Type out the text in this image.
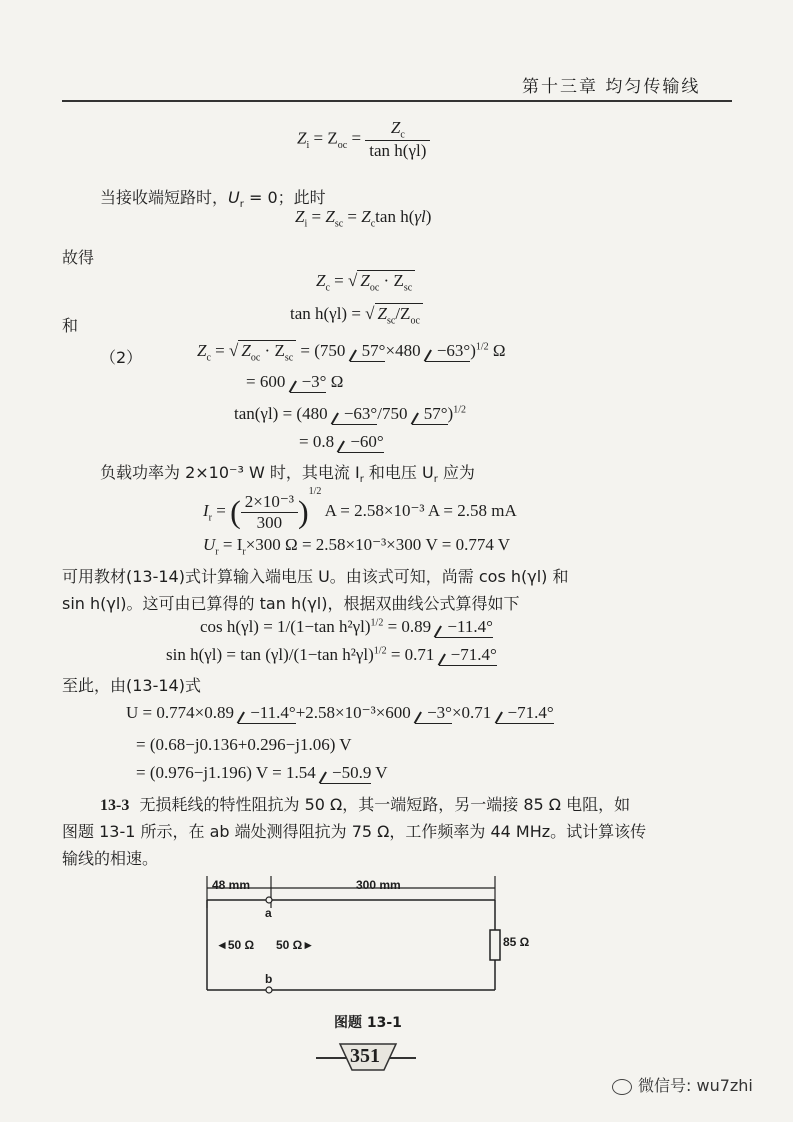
第十三章 均匀传输线
$Z_i = Z_{oc} = \frac{Z_c}{\text{tan h(γl)}}$
当接收端短路时，$U_r = 0$；此时
$Z_i = Z_{sc} = Z_c\tan$ h(γl)
故得
$Z_c$ = √ $Z_{oc} \cdot Z_{sc}$
和
tan h(γl) = √ $Z_{sc}/Z_{oc}$
（2）	$Z_c$ = √ $Z_{oc} \cdot Z_{sc} = (750$ 57°×480 −63°)$^{1/2}$ Ω
= 600 −3° Ω
tan(γl) = (480 −63°/750 57°)$^{1/2}$
= 0.8 −60°
负载功率为 2×10⁻³ W 时，其电流 $I_r$ 和电压 $U_r$ 应为
$I_r$ = ( $\frac{\text{2×10⁻³}}{300} )^{1/2}$ A = 2.58×10⁻³ A = 2.58 mA
$U_r = I_r\times 300$ Ω = 2.58×10⁻³×300 V = 0.774 V
可用教材(13-14)式计算输入端电压 U。由该式可知，尚需 cos h(γl) 和
sin h(γl)。这可由已算得的 tan h(γl)，根据双曲线公式算得如下
cos h(γl) = 1/(1−tan h²γl)$^{1/2}$ = 0.89 −11.4°
sin h(γl) = tan (γl)/(1−tan h²γl)$^{1/2}$ = 0.71 −71.4°
至此，由(13-14)式
U = 0.774×0.89 −11.4°+2.58×10⁻³×600 −3°×0.71 −71.4°
= (0.68−j0.136+0.296−j1.06) V
= (0.976−j1.196) V = 1.54 −50.9 V
13-3 无损耗线的特性阻抗为 50 Ω，其一端短路，另一端接 85 Ω 电阻，如
图题 13-1 所示，在 ab 端处测得阻抗为 75 Ω，工作频率为 44 MHz。试计算该传
输线的相速。
48 mm	300 mm
a
b
◄50 Ω 50 Ω►	85 Ω
图题 13-1
351
微信号: wu7zhi
